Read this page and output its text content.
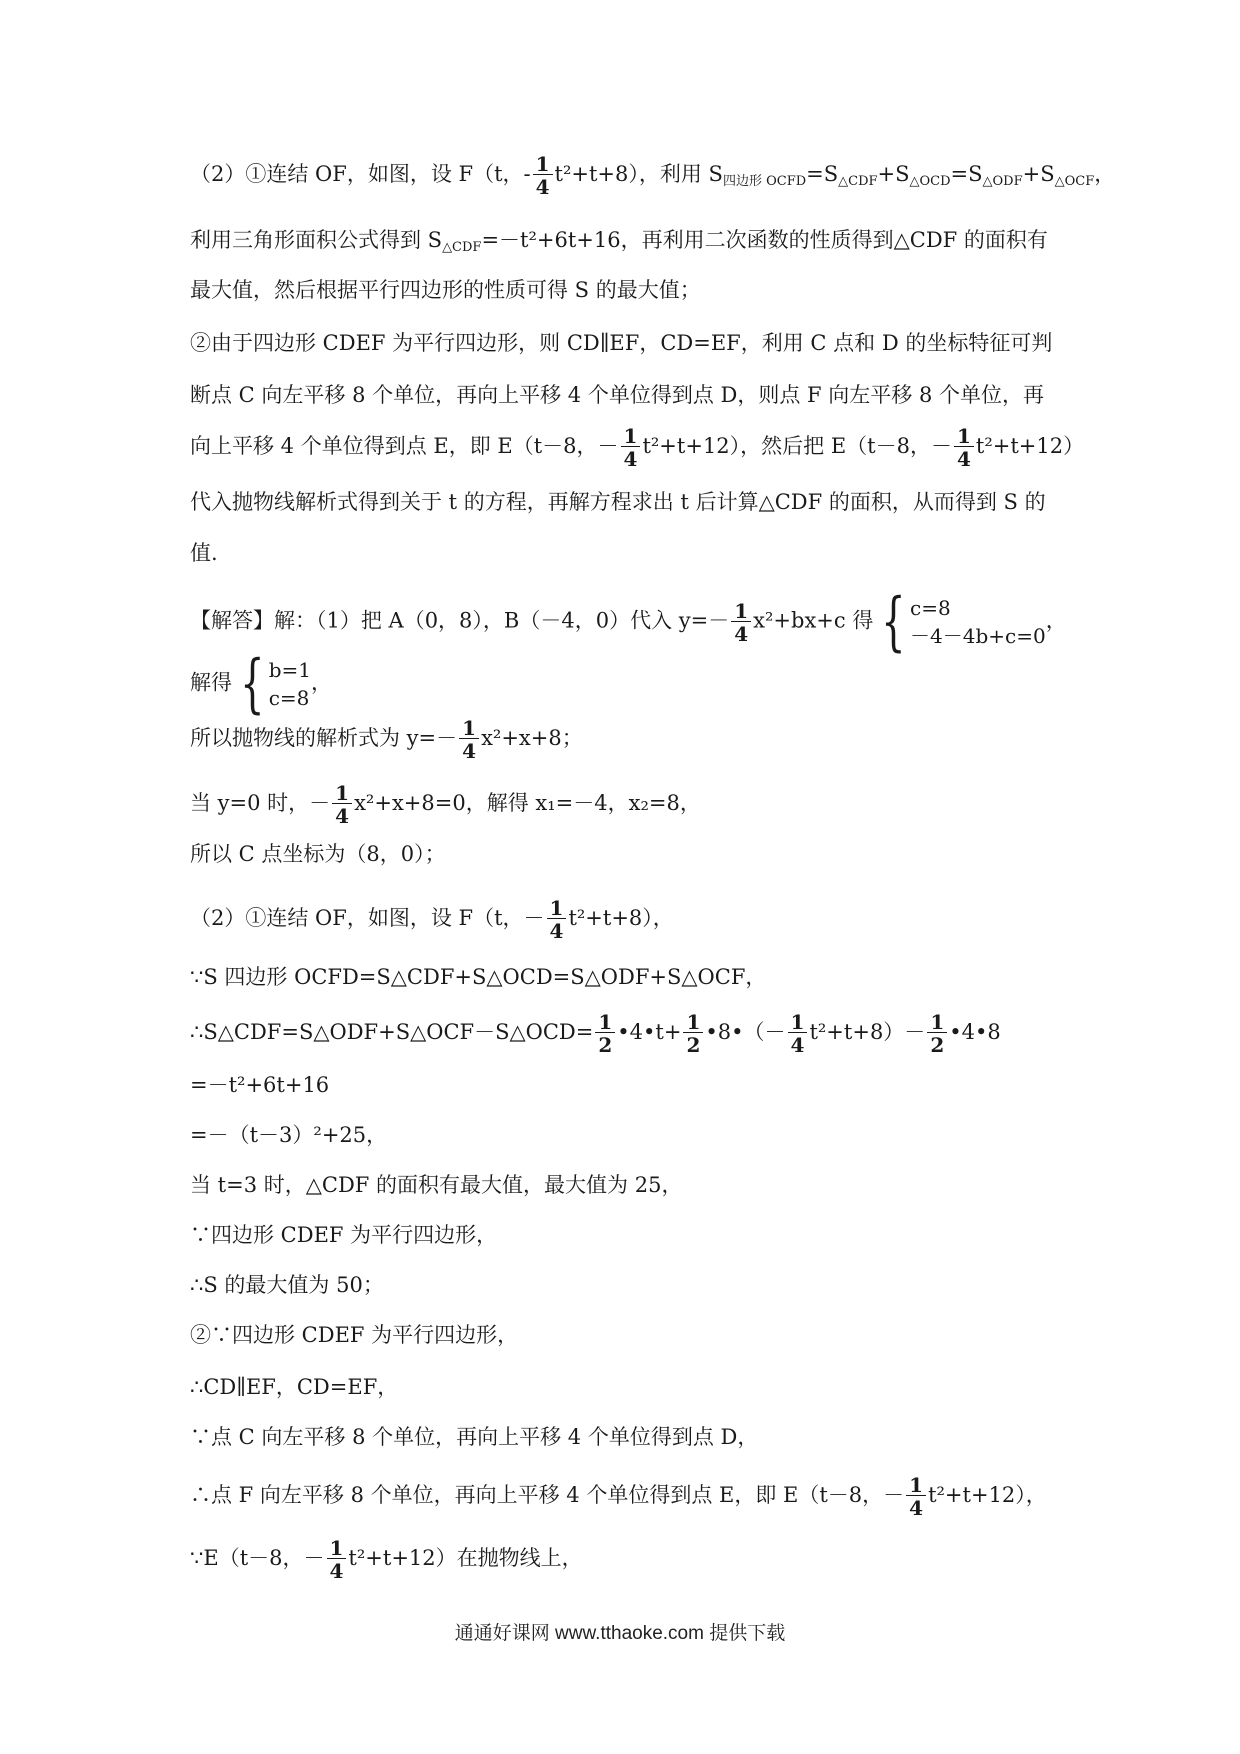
（2）①连结 OF，如图，设 F（t，- $\frac{1}{4} t^2+t+8$），利用 $S_{四边形 OCFD}=S_{\triangle CDF}+S_{\triangle OCD}=S_{\triangle ODF}+S_{\triangle OCF}$，
利用三角形面积公式得到 $S_{\triangle CDF}=-t^2+6t+16$，再利用二次函数的性质得到△CDF 的面积有
最大值，然后根据平行四边形的性质可得 S 的最大值；
②由于四边形 CDEF 为平行四边形，则 CD∥EF，CD=EF，利用 C 点和 D 的坐标特征可判
断点 C 向左平移 8 个单位，再向上平移 4 个单位得到点 D，则点 F 向左平移 8 个单位，再
向上平移 4 个单位得到点 E，即 E（t－8，－ $\frac{1}{4} t^2+t+12$），然后把 E（t－8，－ $\frac{1}{4} t^2+t+12$）
代入抛物线解析式得到关于 t 的方程，再解方程求出 t 后计算△CDF 的面积，从而得到 S 的
值.
【解答】解：（1）把 A（0，8），B（－4，0）代入 $y=- \frac{1}{4} x^2+bx+c$ 得 { c=8
－4－4b+c=0
，
解得 { b=1
c=8
，
所以抛物线的解析式为 $y=- \frac{1}{4} x^2+x+8$；
当 y=0 时，－ $\frac{1}{4} x^2+x+8=0$，解得 x₁=－4，x₂=8，
所以 C 点坐标为（8，0）；
（2）①连结 OF，如图，设 F（t，－ $\frac{1}{4} t^2+t+8$），
∵S 四边形 OCFD=S△CDF+S△OCD=S△ODF+S△OCF，
∴S△CDF=S△ODF+S△OCF－S△OCD= $\frac{1}{2}$ •4•t+ $\frac{1}{2}$ •8•（－ $\frac{1}{4} t^2+t+8)- \frac{1}{2}$ •4•8
=－t²+6t+16
=－（t－3）²+25，
当 t=3 时，△CDF 的面积有最大值，最大值为 25，
∵四边形 CDEF 为平行四边形，
∴S 的最大值为 50；
②∵四边形 CDEF 为平行四边形，
∴CD∥EF，CD=EF，
∵点 C 向左平移 8 个单位，再向上平移 4 个单位得到点 D，
∴点 F 向左平移 8 个单位，再向上平移 4 个单位得到点 E，即 E（t－8，－ $\frac{1}{4} t^2+t+12$），
∵E（t－8，－ $\frac{1}{4} t^2+t+12$）在抛物线上，
通通好课网 www.tthaoke.com 提供下载
